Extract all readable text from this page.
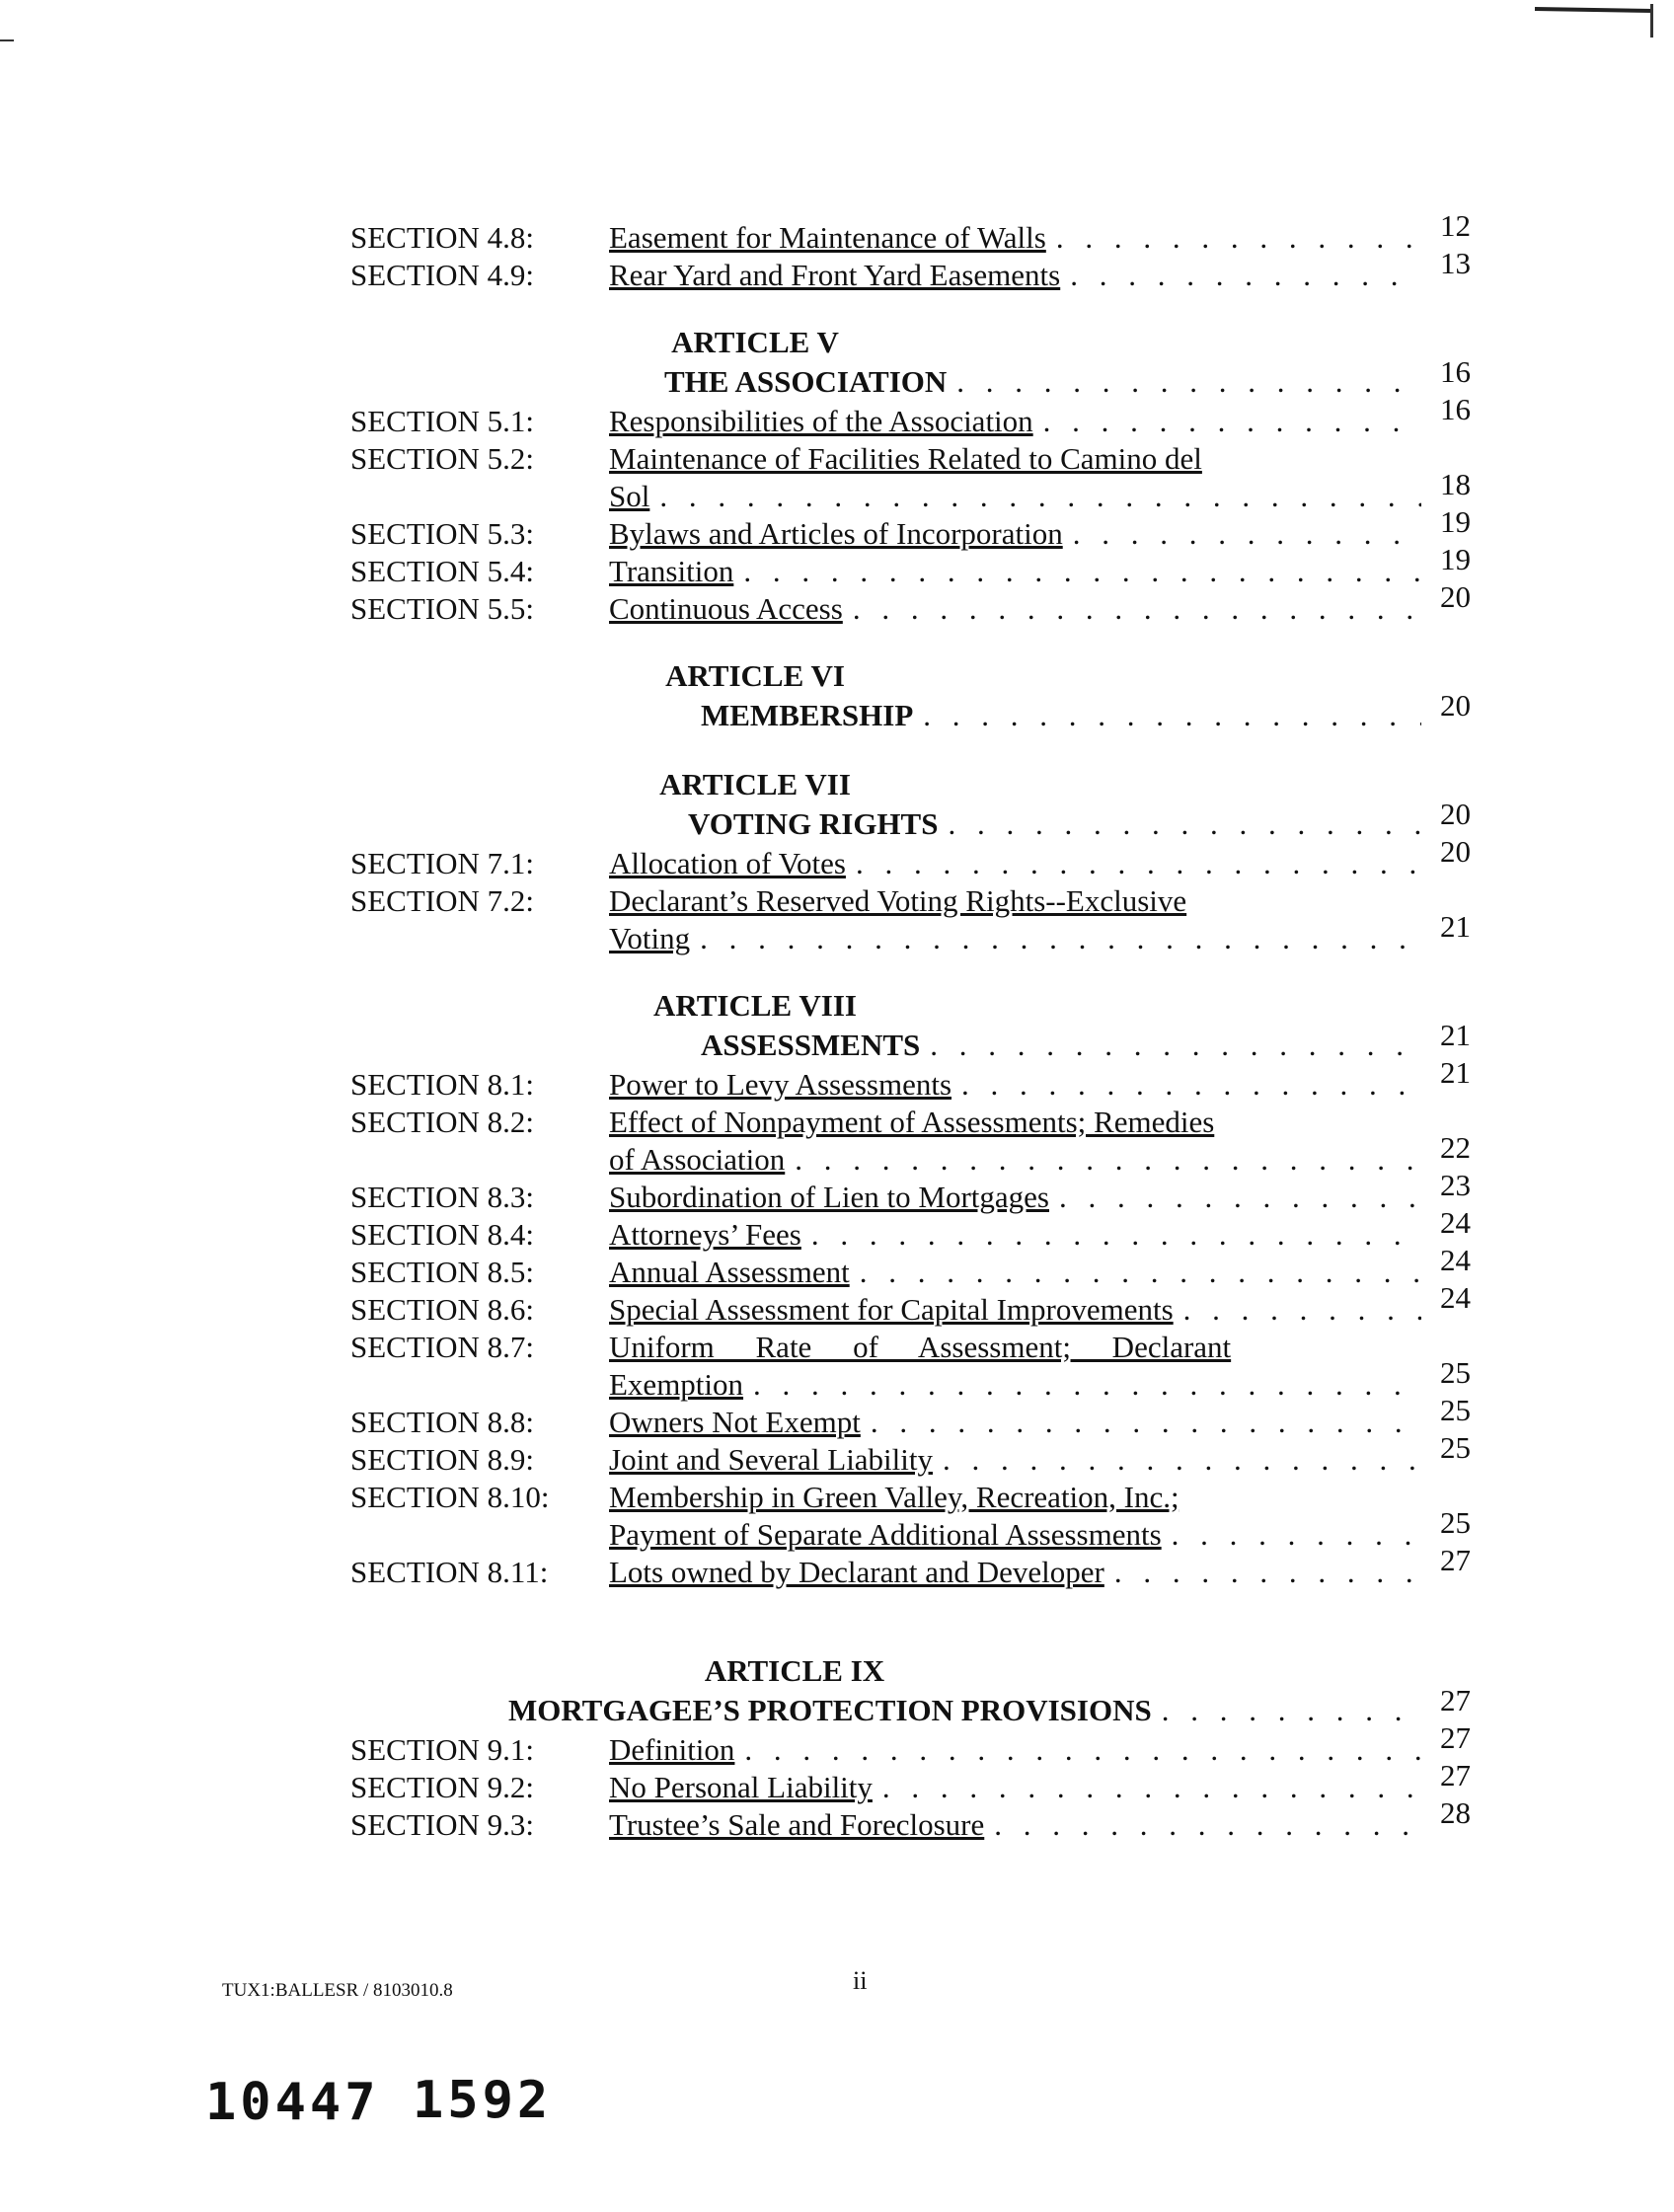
SECTION 4.8: Easement for Maintenance of Walls . . .	12
SECTION 4.9: Rear Yard and Front Yard Easements . . .	13
ARTICLE V
THE ASSOCIATION . . .	16
SECTION 5.1: Responsibilities of the Association . . .	16
SECTION 5.2: Maintenance of Facilities Related to Camino del
Sol . . .	18
SECTION 5.3: Bylaws and Articles of Incorporation . . .	19
SECTION 5.4: Transition . . .	19
SECTION 5.5: Continuous Access . . .	20
ARTICLE VI
MEMBERSHIP . . .	20
ARTICLE VII
VOTING RIGHTS . . .	20
SECTION 7.1: Allocation of Votes . . .	20
SECTION 7.2: Declarant’s Reserved Voting Rights--Exclusive
Voting . . .	21
ARTICLE VIII
ASSESSMENTS . . .	21
SECTION 8.1: Power to Levy Assessments . . .	21
SECTION 8.2: Effect of Nonpayment of Assessments; Remedies
of Association . . .	22
SECTION 8.3: Subordination of Lien to Mortgages . . .	23
SECTION 8.4: Attorneys’ Fees . . .	24
SECTION 8.5: Annual Assessment . . .	24
SECTION 8.6: Special Assessment for Capital Improvements . . .	24
SECTION 8.7: Uniform Rate of Assessment; Declarant
Exemption . . .	25
SECTION 8.8: Owners Not Exempt . . .	25
SECTION 8.9: Joint and Several Liability . . .	25
SECTION 8.10: Membership in Green Valley, Recreation, Inc.;
Payment of Separate Additional Assessments . . .	25
SECTION 8.11: Lots owned by Declarant and Developer . . .	27
ARTICLE IX
MORTGAGEE’S PROTECTION PROVISIONS . . .	27
SECTION 9.1: Definition . . .	27
SECTION 9.2: No Personal Liability . . .	27
SECTION 9.3: Trustee’s Sale and Foreclosure . . .	28
TUX1:BALLESR / 8103010.8	ii
10447 1592
